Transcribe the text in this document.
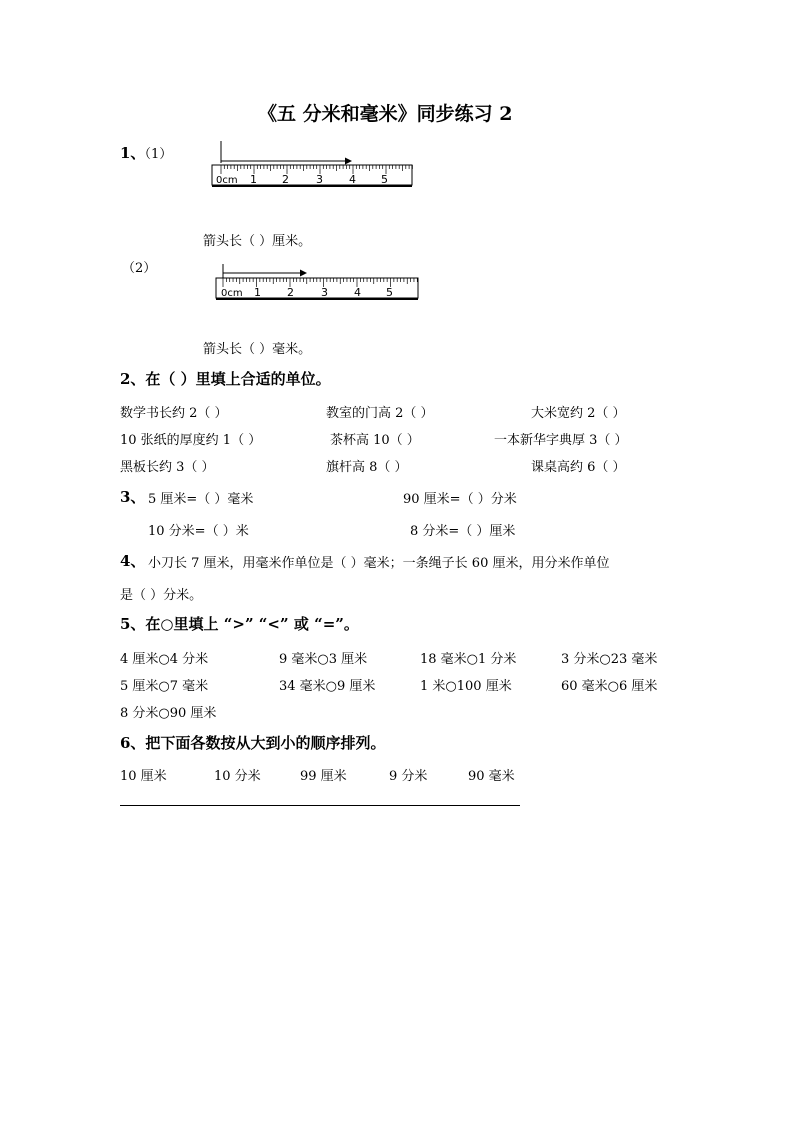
《五 分米和毫米》同步练习 2
1、
（1）
0cm 1 2 3 4 5
箭头长（ ）厘米。
（2）
0cm 1 2 3 4 5
箭头长（ ）毫米。
2、在（ ）里填上合适的单位。
数学书长约 2（ ）	教室的门高 2（ ）	大米宽约 2（ ）
10 张纸的厚度约 1（ ）	茶杯高 10（ ）	一本新华字典厚 3（ ）
黑板长约 3（ ）	旗杆高 8（ ）	课桌高约 6（ ）
3、 5 厘米=（ ）毫米	90 厘米=（ ）分米
10 分米=（ ）米	8 分米=（ ）厘米
4、 小刀长 7 厘米，用毫米作单位是（ ）毫米；一条绳子长 60 厘米，用分米作单位
是（ ）分米。
5、在○里填上 “>” “<” 或 “=”。
4 厘米○4 分米	9 毫米○3 厘米	18 毫米○1 分米	3 分米○23 毫米
5 厘米○7 毫米	34 毫米○9 厘米	1 米○100 厘米	60 毫米○6 厘米
8 分米○90 厘米
6、把下面各数按从大到小的顺序排列。
10 厘米	10 分米	99 厘米	9 分米	90 毫米
